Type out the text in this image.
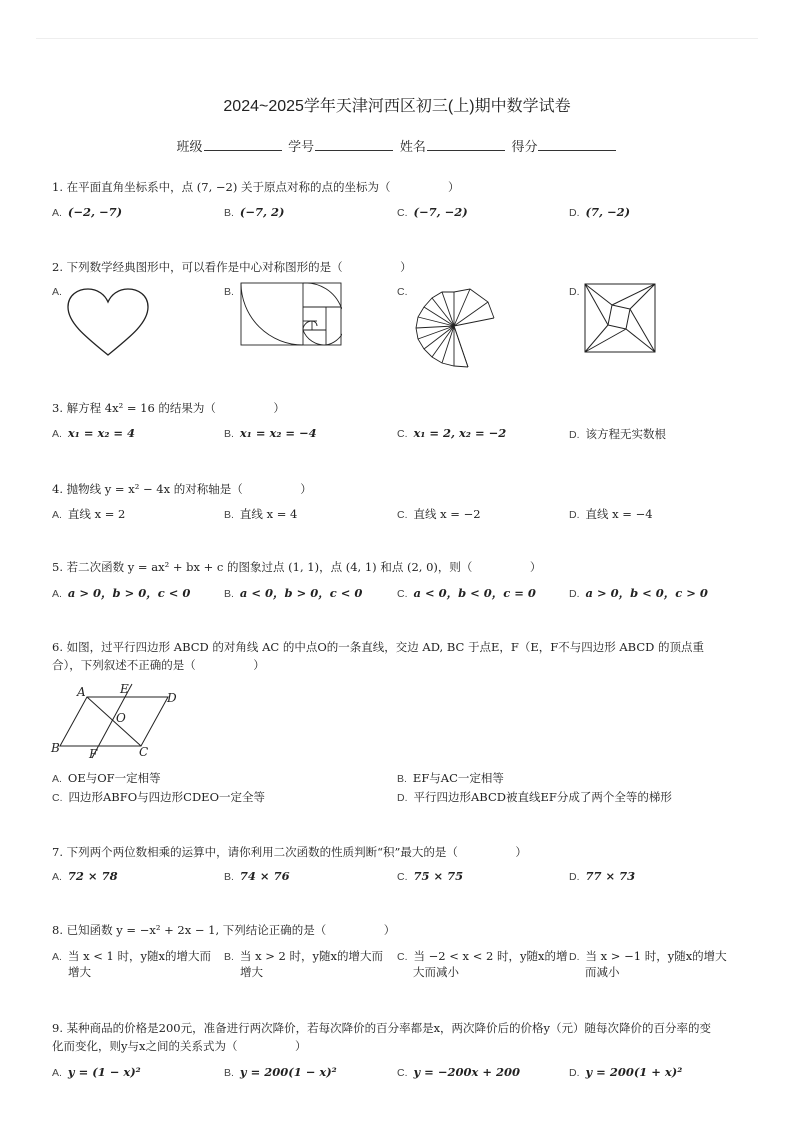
2024~2025学年天津河西区初三(上)期中数学试卷
班级	学号	姓名	得分
1. 在平面直角坐标系中，点 (7, −2) 关于原点对称的点的坐标为（　　　　　）
A. (−2, −7)	B. (−7, 2)	C. (−7, −2)	D. (7, −2)
2. 下列数学经典图形中，可以看作是中心对称图形的是（　　　　　）
A.	B.	C.	D.
3. 解方程 4x² = 16 的结果为（　　　　　）
A. x₁ = x₂ = 4	B. x₁ = x₂ = −4	C. x₁ = 2, x₂ = −2	D. 该方程无实数根
4. 抛物线 y = x² − 4x 的对称轴是（　　　　　）
A. 直线 x = 2	B. 直线 x = 4	C. 直线 x = −2	D. 直线 x = −4
5. 若二次函数 y = ax² + bx + c 的图象过点 (1, 1)，点 (4, 1) 和点 (2, 0)，则（　　　　　）
A. a > 0，b > 0，c < 0	B. a < 0，b > 0，c < 0	C. a < 0，b < 0，c = 0	D. a > 0，b < 0，c > 0
6. 如图，过平行四边形 ABCD 的对角线 AC 的中点O的一条直线，交边 AD, BC 于点E，F（E，F不与四边形 ABCD 的顶点重
合），下列叙述不正确的是（　　　　　）
A	E
D
O
B F	C
A. OE与OF一定相等	B. EF与AC一定相等
C. 四边形ABFO与四边形CDEO一定全等	D. 平行四边形ABCD被直线EF分成了两个全等的梯形
7. 下列两个两位数相乘的运算中，请你利用二次函数的性质判断“积”最大的是（　　　　　）
A. 72 × 78	B. 74 × 76	C. 75 × 75	D. 77 × 73
8. 已知函数 y = −x² + 2x − 1, 下列结论正确的是（　　　　　）
A. 当 x < 1 时，y随x的增大而
增大
B. 当 x > 2 时，y随x的增大而
增大
C. 当 −2 < x < 2 时，y随x的增
大而减小
D. 当 x > −1 时，y随x的增大
而减小
9. 某种商品的价格是200元，准备进行两次降价，若每次降价的百分率都是x，两次降价后的价格y（元）随每次降价的百分率的变
化而变化，则y与x之间的关系式为（　　　　　）
A. y = (1 − x)²	B. y = 200(1 − x)²	C. y = −200x + 200	D. y = 200(1 + x)²
